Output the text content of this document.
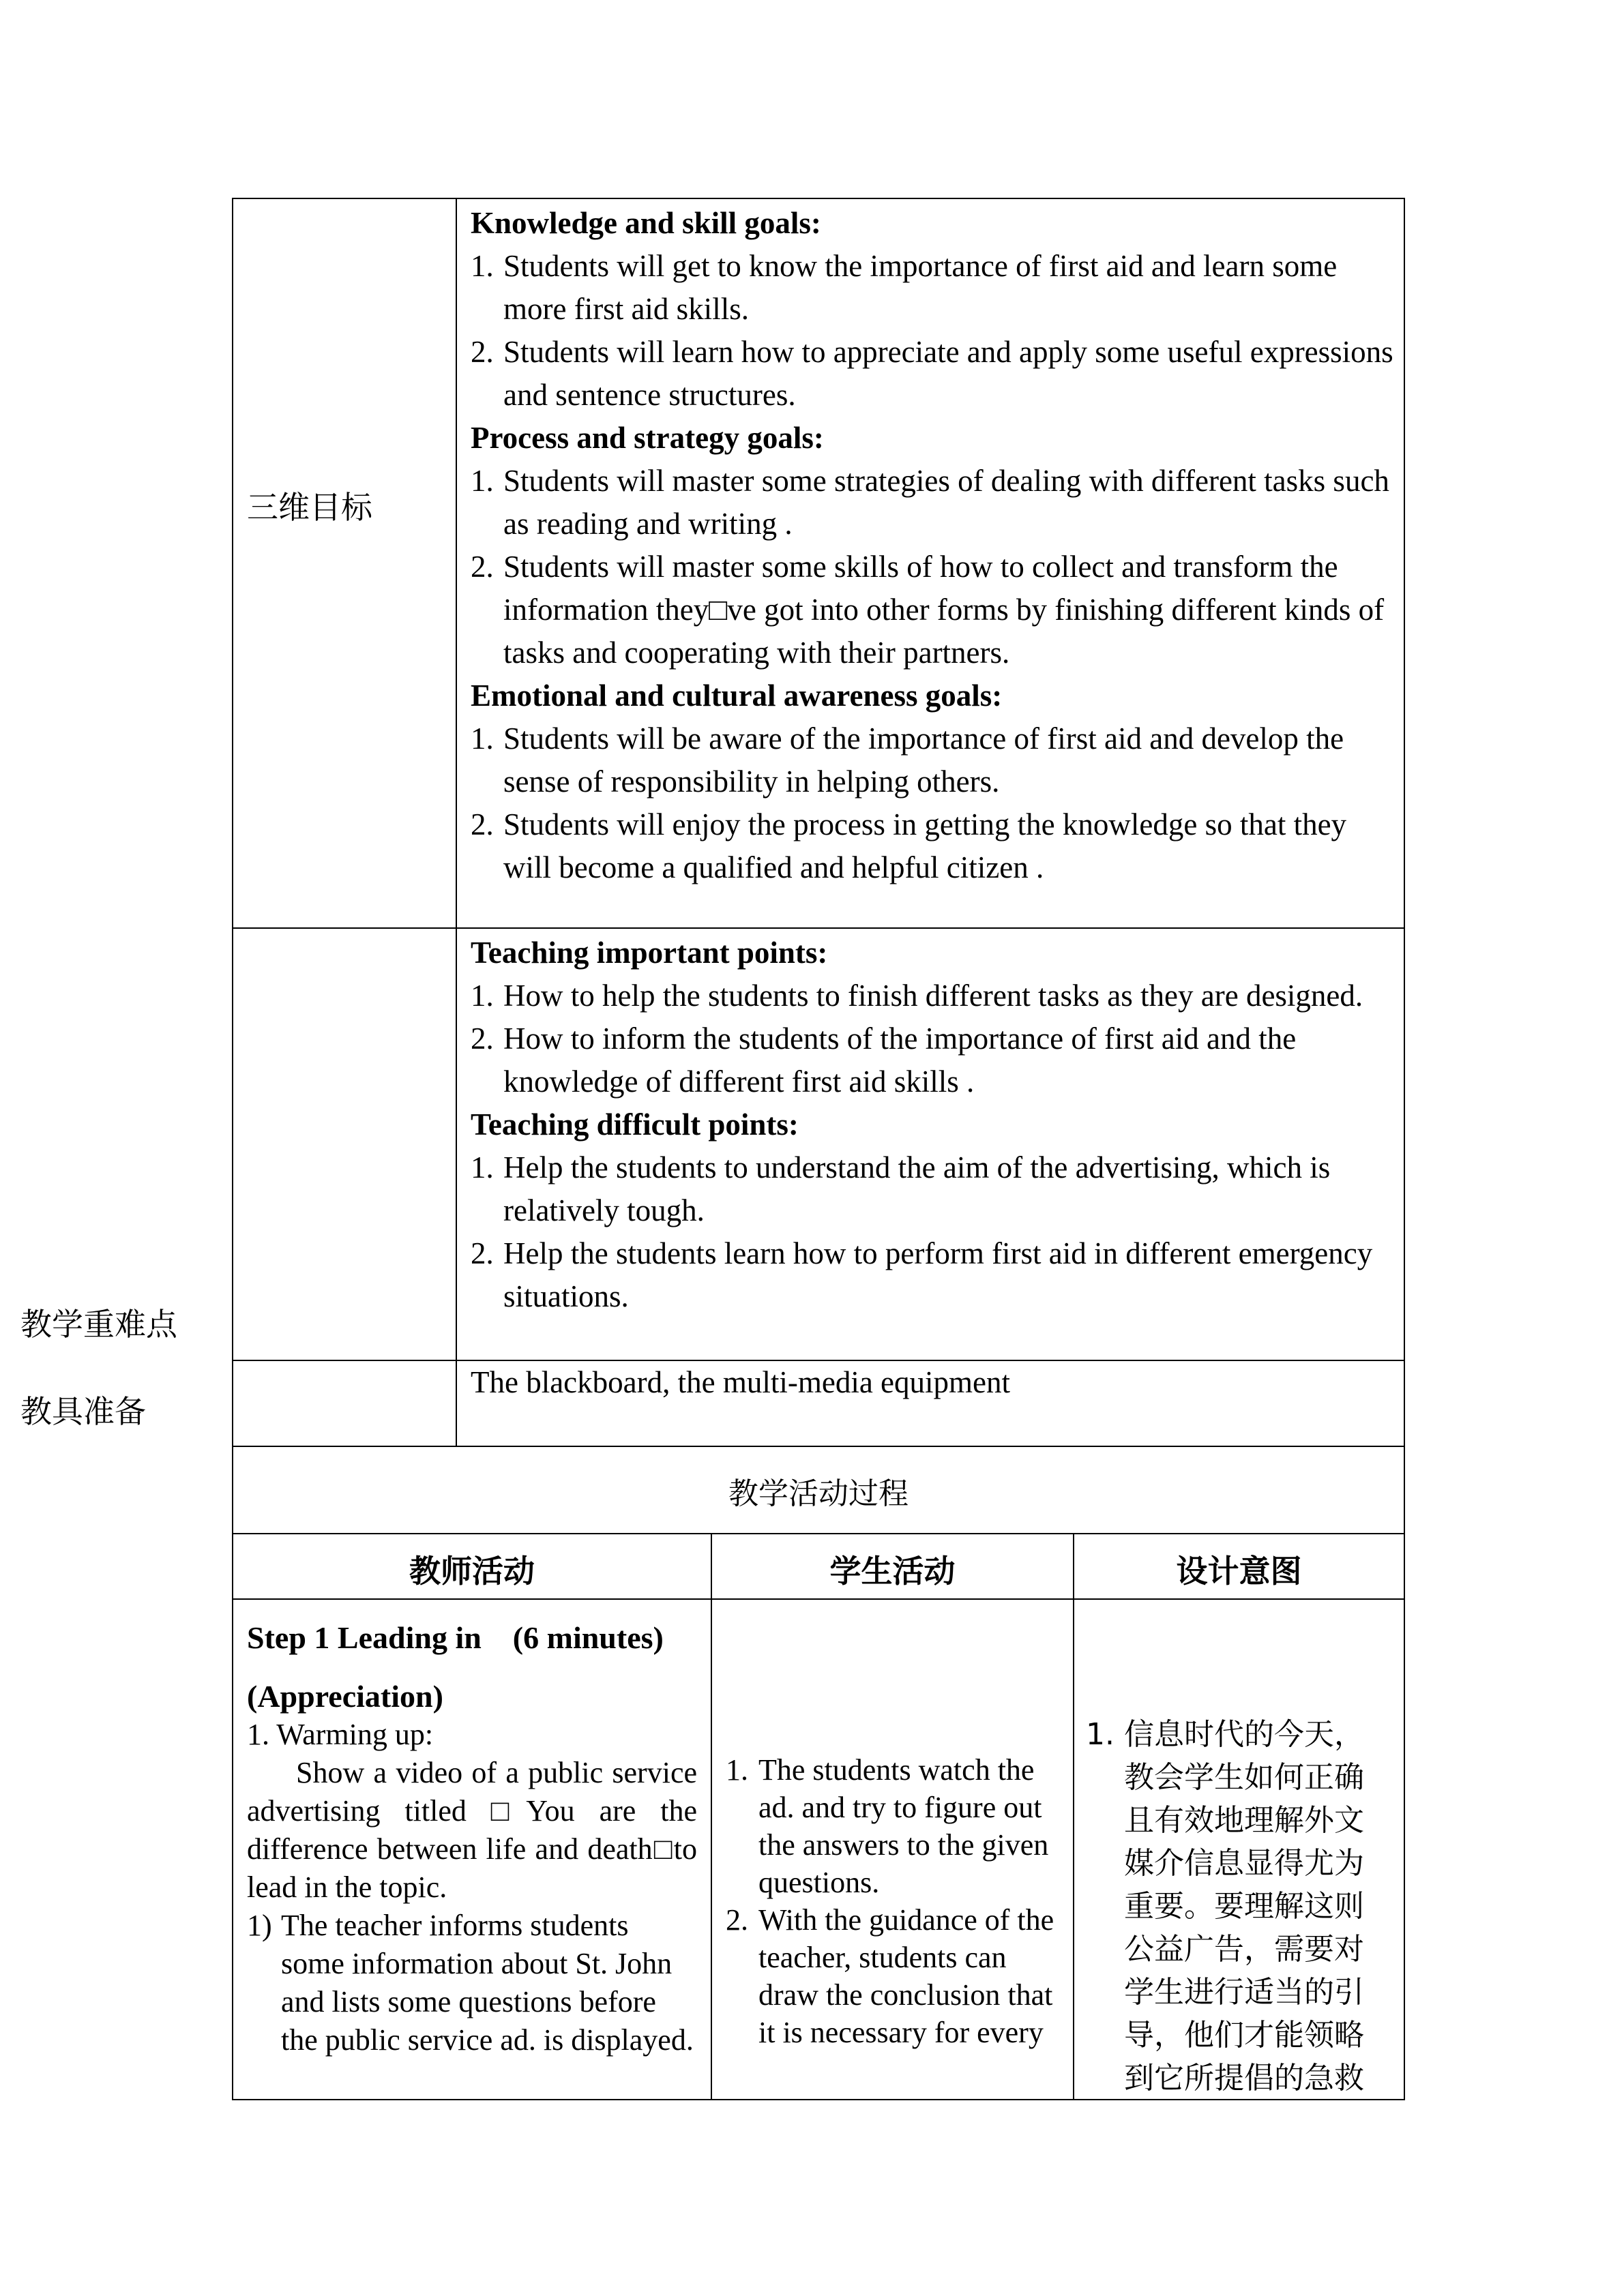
三维目标
Knowledge and skill goals:
1. Students will get to know the importance of first aid and learn some more first aid skills.
2. Students will learn how to appreciate and apply some useful expressions and sentence structures.
Process and strategy goals:
1. Students will master some strategies of dealing with different tasks such as reading and writing .
2. Students will master some skills of how to collect and transform the information they□ve got into other forms by finishing different kinds of tasks and cooperating with their partners.
Emotional and cultural awareness goals:
1. Students will be aware of the importance of first aid and develop the sense of responsibility in helping others.
2. Students will enjoy the process in getting the knowledge so that they will become a qualified and helpful citizen .
教学重难点
Teaching important points:
1. How to help the students to finish different tasks as they are designed.
2. How to inform the students of the importance of first aid and the knowledge of different first aid skills .
Teaching difficult points:
1. Help the students to understand the aim of the advertising, which is relatively tough.
2. Help the students learn how to perform first aid in different emergency situations.
教具准备
The blackboard, the multi-media equipment
教学活动过程
教师活动	学生活动	设计意图
Step 1 Leading in    (6 minutes)
(Appreciation)
1. Warming up:
Show a video of a public service advertising titled □You are the difference between life and death□to lead in the topic.
1) The teacher informs students some information about St. John and lists some questions before the public service ad. is displayed.
1. The students watch the ad. and try to figure out the answers to the given questions.
2. With the guidance of the teacher, students can draw the conclusion that it is necessary for every
1. 信息时代的今天，教会学生如何正确且有效地理解外文媒介信息显得尤为重要。要理解这则公益广告，需要对学生进行适当的引导，他们才能领略到它所提倡的急救
